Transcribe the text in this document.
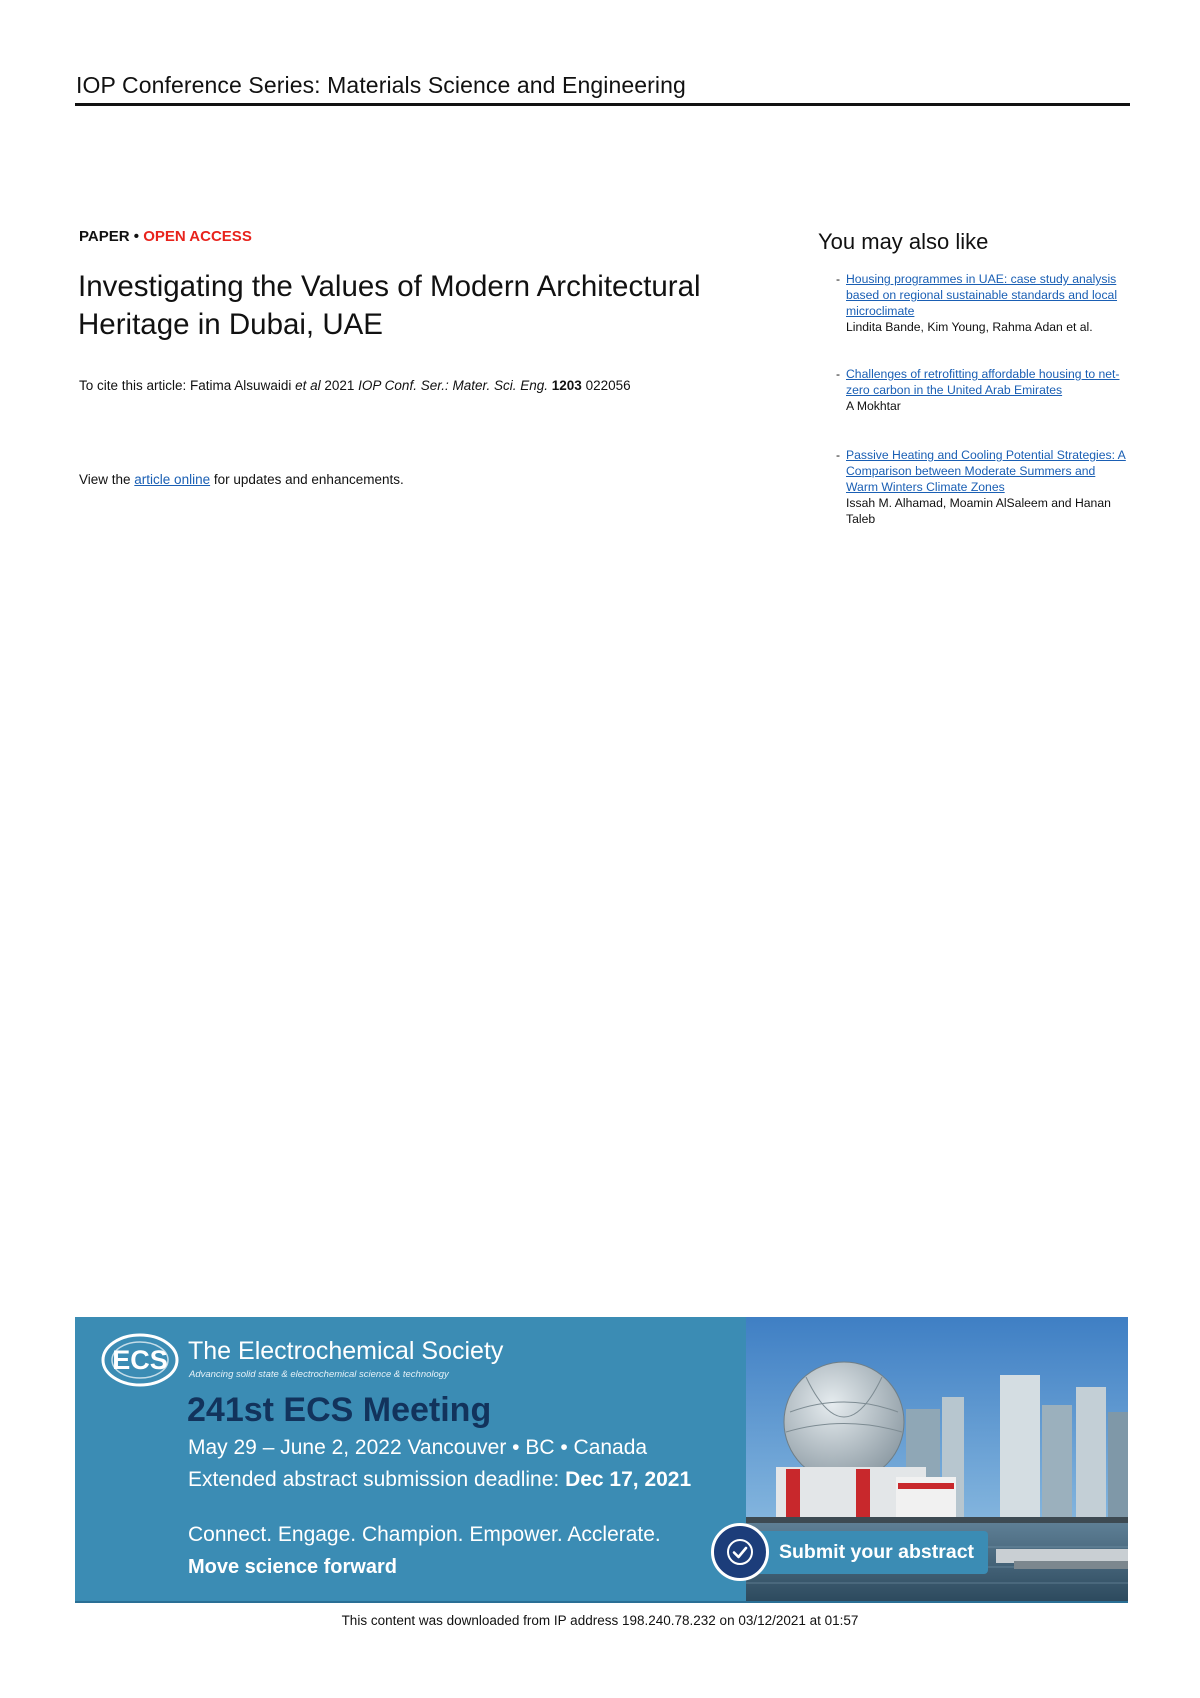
IOP Conference Series: Materials Science and Engineering
PAPER • OPEN ACCESS
Investigating the Values of Modern Architectural
Heritage in Dubai, UAE
To cite this article: Fatima Alsuwaidi et al 2021 IOP Conf. Ser.: Mater. Sci. Eng. 1203 022056
View the article online for updates and enhancements.
You may also like
- Housing programmes in UAE: case study analysis based on regional sustainable standards and local microclimate
Lindita Bande, Kim Young, Rahma Adan et al.
- Challenges of retrofitting affordable housing to net-zero carbon in the United Arab Emirates
A Mokhtar
- Passive Heating and Cooling Potential Strategies: A Comparison between Moderate Summers and Warm Winters Climate Zones
Issah M. Alhamad, Moamin AlSaleem and Hanan Taleb
ECS The Electrochemical Society
Advancing solid state & electrochemical science & technology
241st ECS Meeting
May 29 – June 2, 2022 Vancouver • BC • Canada
Extended abstract submission deadline: Dec 17, 2021
Connect. Engage. Champion. Empower. Acclerate.
Move science forward
Submit your abstract
This content was downloaded from IP address 198.240.78.232 on 03/12/2021 at 01:57
